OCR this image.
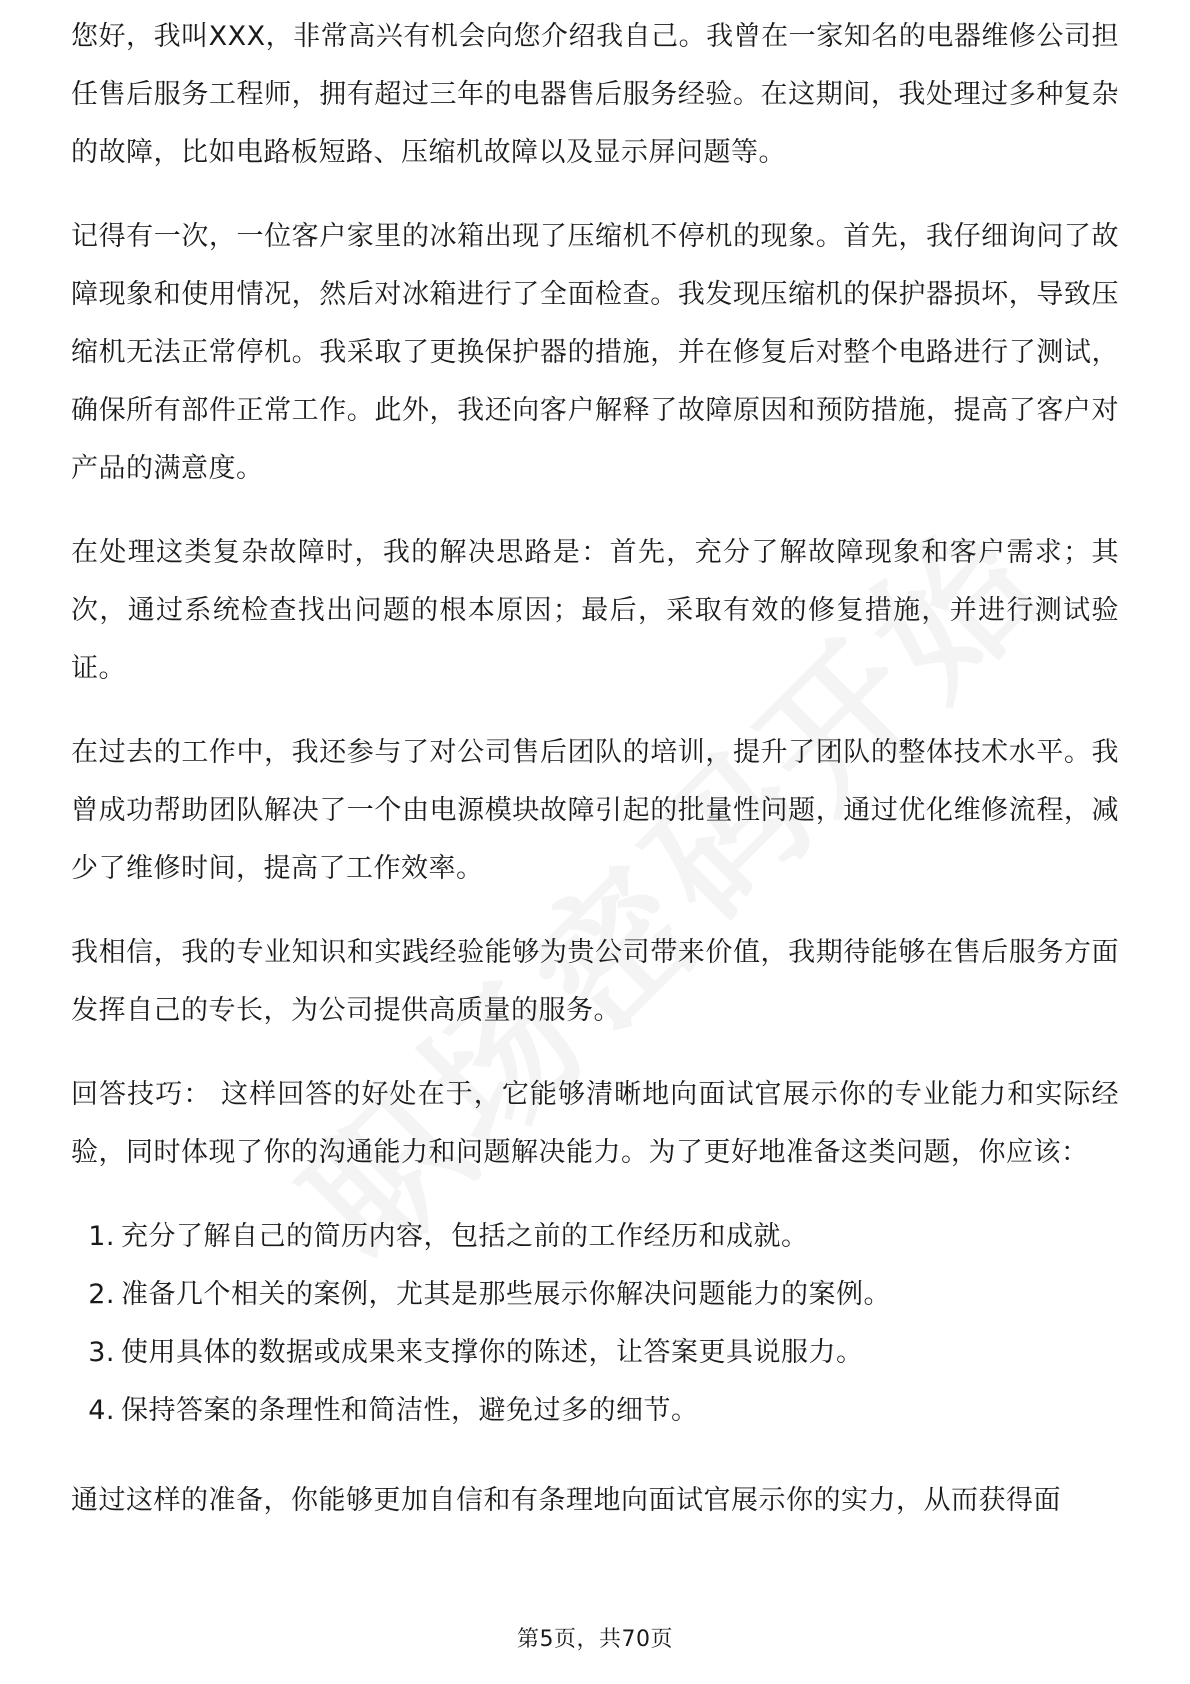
您好，我叫XXX，非常高兴有机会向您介绍我自己。我曾在一家知名的电器维修公司担任售后服务工程师，拥有超过三年的电器售后服务经验。在这期间，我处理过多种复杂的故障，比如电路板短路、压缩机故障以及显示屏问题等。

记得有一次，一位客户家里的冰箱出现了压缩机不停机的现象。首先，我仔细询问了故障现象和使用情况，然后对冰箱进行了全面检查。我发现压缩机的保护器损坏，导致压缩机无法正常停机。我采取了更换保护器的措施，并在修复后对整个电路进行了测试，确保所有部件正常工作。此外，我还向客户解释了故障原因和预防措施，提高了客户对产品的满意度。

在处理这类复杂故障时，我的解决思路是：首先，充分了解故障现象和客户需求；其次，通过系统检查找出问题的根本原因；最后，采取有效的修复措施，并进行测试验证。

在过去的工作中，我还参与了对公司售后团队的培训，提升了团队的整体技术水平。我曾成功帮助团队解决了一个由电源模块故障引起的批量性问题，通过优化维修流程，减少了维修时间，提高了工作效率。

我相信，我的专业知识和实践经验能够为贵公司带来价值，我期待能够在售后服务方面发挥自己的专长，为公司提供高质量的服务。

回答技巧： 这样回答的好处在于，它能够清晰地向面试官展示你的专业能力和实际经验，同时体现了你的沟通能力和问题解决能力。为了更好地准备这类问题，你应该：

1. 充分了解自己的简历内容，包括之前的工作经历和成就。
2. 准备几个相关的案例，尤其是那些展示你解决问题能力的案例。
3. 使用具体的数据或成果来支撑你的陈述，让答案更具说服力。
4. 保持答案的条理性和简洁性，避免过多的细节。

通过这样的准备，你能够更加自信和有条理地向面试官展示你的实力，从而获得面

第5页，共70页
